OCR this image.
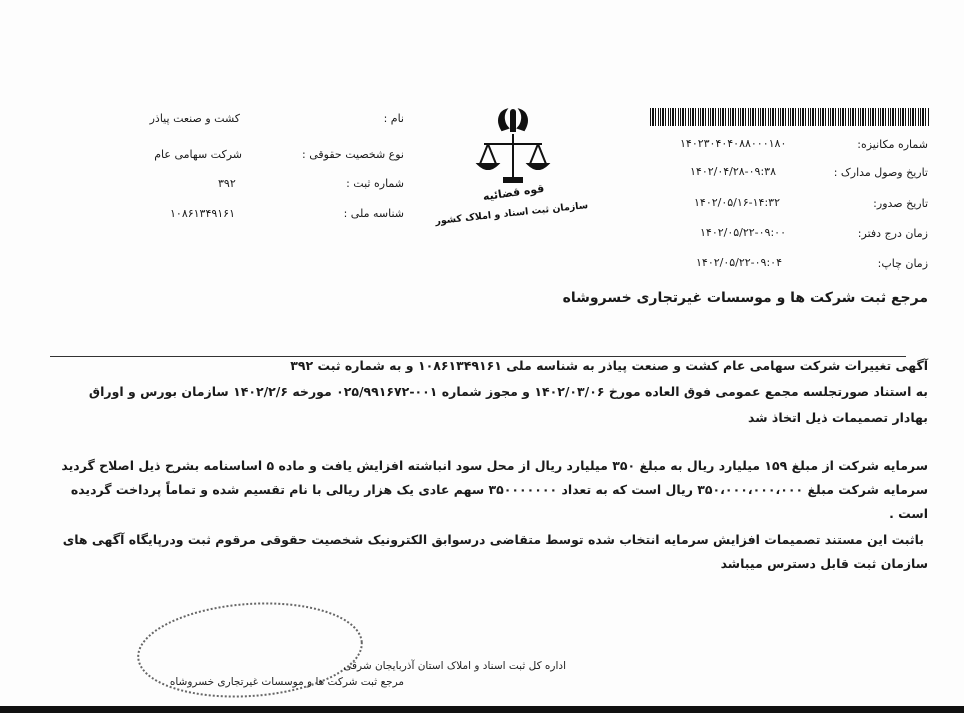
شماره مکانیزه:
۱۴۰۲۳۰۴۰۴۰۸۸۰۰۰۱۸۰
تاریخ وصول مدارک :
۱۴۰۲/۰۴/۲۸-۰۹:۳۸
تاریخ صدور:
۱۴۰۲/۰۵/۱۶-۱۴:۳۲
زمان درج دفتر:
۱۴۰۲/۰۵/۲۲-۰۹:۰۰
زمان چاپ:
۱۴۰۲/۰۵/۲۲-۰۹:۰۴
قوه قضائیه
سازمان ثبت اسناد و املاک کشور
نام :
کشت و صنعت پیاذر
نوع شخصیت حقوقی :
شرکت سهامی عام
شماره ثبت :
۳۹۲
شناسه ملی :
۱۰۸۶۱۳۴۹۱۶۱
مرجع ثبت شرکت ها و موسسات غیرتجاری خسروشاه
آگهی تغییرات شرکت سهامی عام کشت و صنعت پیاذر به شناسه ملی ۱۰۸۶۱۳۴۹۱۶۱ و به شماره ثبت ۳۹۲
به استناد صورتجلسه مجمع عمومی فوق العاده مورخ ۱۴۰۲/۰۳/۰۶ و مجوز شماره ۰۰۱-۰۲۵/۹۹۱۶۷۲ مورخه ۱۴۰۲/۲/۶ سازمان بورس و اوراق
بهادار تصمیمات ذیل اتخاذ شد
سرمایه شرکت از مبلغ ۱۵۹ میلیارد ریال به مبلغ ۳۵۰ میلیارد ریال از محل سود انباشته افزایش یافت و ماده ۵ اساسنامه بشرح ذیل اصلاح گردید
سرمایه شرکت مبلغ ۳۵۰،۰۰۰،۰۰۰،۰۰۰ ریال است که به تعداد ۳۵۰۰۰۰۰۰۰ سهم عادی یک هزار ریالی با نام تقسیم شده و تماماً پرداخت گردیده
است .
باثبت این مستند تصمیمات افزایش سرمایه انتخاب شده توسط متقاضی درسوابق الکترونیک شخصیت حقوقی مرقوم ثبت ودرپایگاه آگهی های
سازمان ثبت قابل دسترس میباشد
اداره کل ثبت اسناد و املاک استان آذربایجان شرقی
مرجع ثبت شرکت ها و موسسات غیرتجاری خسروشاه
